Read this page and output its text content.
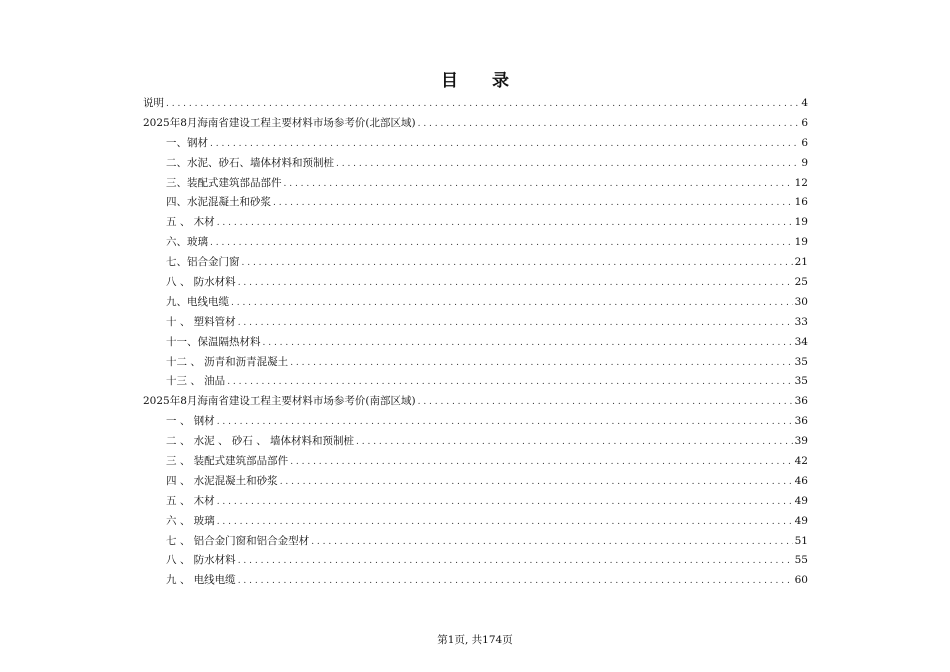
目 录
说明 . . .	4
2025年8月海南省建设工程主要材料市场参考价(北部区域) . . .	6
一、钢材 . . .	6
二、水泥、砂石、墙体材料和预制桩 . . .	9
三、装配式建筑部品部件 . . .	12
四、水泥混凝土和砂浆 . . .	16
五 、 木材 . . .	19
六、玻璃 . . .	19
七、铝合金门窗 . . .	21
八 、 防水材料 . . .	25
九、电线电缆 . . .	30
十 、 塑料管材 . . .	33
十一、保温隔热材料 . . .	34
十二 、 沥青和沥青混凝土 . . .	35
十三 、 油品 . . .	35
2025年8月海南省建设工程主要材料市场参考价(南部区域) . . .	36
一 、 钢材 . . .	36
二 、 水泥 、 砂石 、 墙体材料和预制桩 . . .	39
三 、 装配式建筑部品部件 . . .	42
四 、 水泥混凝土和砂浆 . . .	46
五 、 木材 . . .	49
六 、 玻璃 . . .	49
七 、 铝合金门窗和铝合金型材 . . .	51
八 、 防水材料 . . .	55
九 、 电线电缆 . . .	60
第1页, 共174页
